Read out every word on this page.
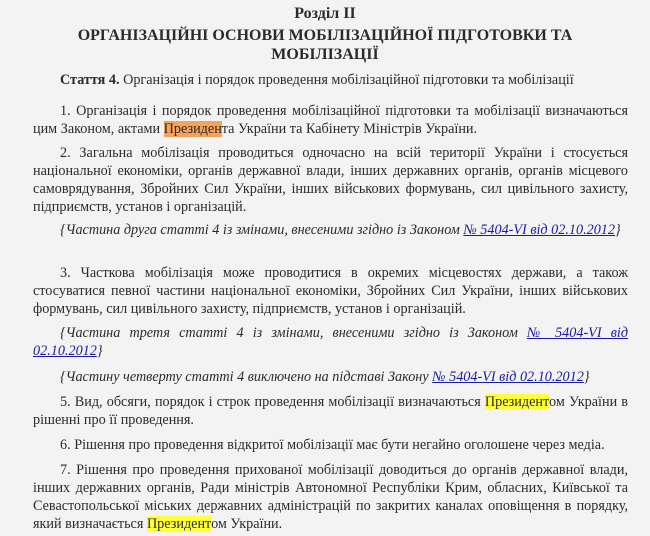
Розділ II
ОРГАНІЗАЦІЙНІ ОСНОВИ МОБІЛІЗАЦІЙНОЇ ПІДГОТОВКИ ТА МОБІЛІЗАЦІЇ
Стаття 4. Організація і порядок проведення мобілізаційної підготовки та мобілізації
1. Організація і порядок проведення мобілізаційної підготовки та мобілізації визначаються цим Законом, актами Президента України та Кабінету Міністрів України.
2. Загальна мобілізація проводиться одночасно на всій території України і стосується національної економіки, органів державної влади, інших державних органів, органів місцевого самоврядування, Збройних Сил України, інших військових формувань, сил цивільного захисту, підприємств, установ і організацій.
{Частина друга статті 4 із змінами, внесеними згідно із Законом № 5404-VI від 02.10.2012}
3. Часткова мобілізація може проводитися в окремих місцевостях держави, а також стосуватися певної частини національної економіки, Збройних Сил України, інших військових формувань, сил цивільного захисту, підприємств, установ і організацій.
{Частина третя статті 4 із змінами, внесеними згідно із Законом № 5404-VI від 02.10.2012}
{Частину четверту статті 4 виключено на підставі Закону № 5404-VI від 02.10.2012}
5. Вид, обсяги, порядок і строк проведення мобілізації визначаються Президентом України в рішенні про її проведення.
6. Рішення про проведення відкритої мобілізації має бути негайно оголошене через медіа.
7. Рішення про проведення прихованої мобілізації доводиться до органів державної влади, інших державних органів, Ради міністрів Автономної Республіки Крим, обласних, Київської та Севастопольської міських державних адміністрацій по закритих каналах оповіщення в порядку, який визначається Президентом України.
